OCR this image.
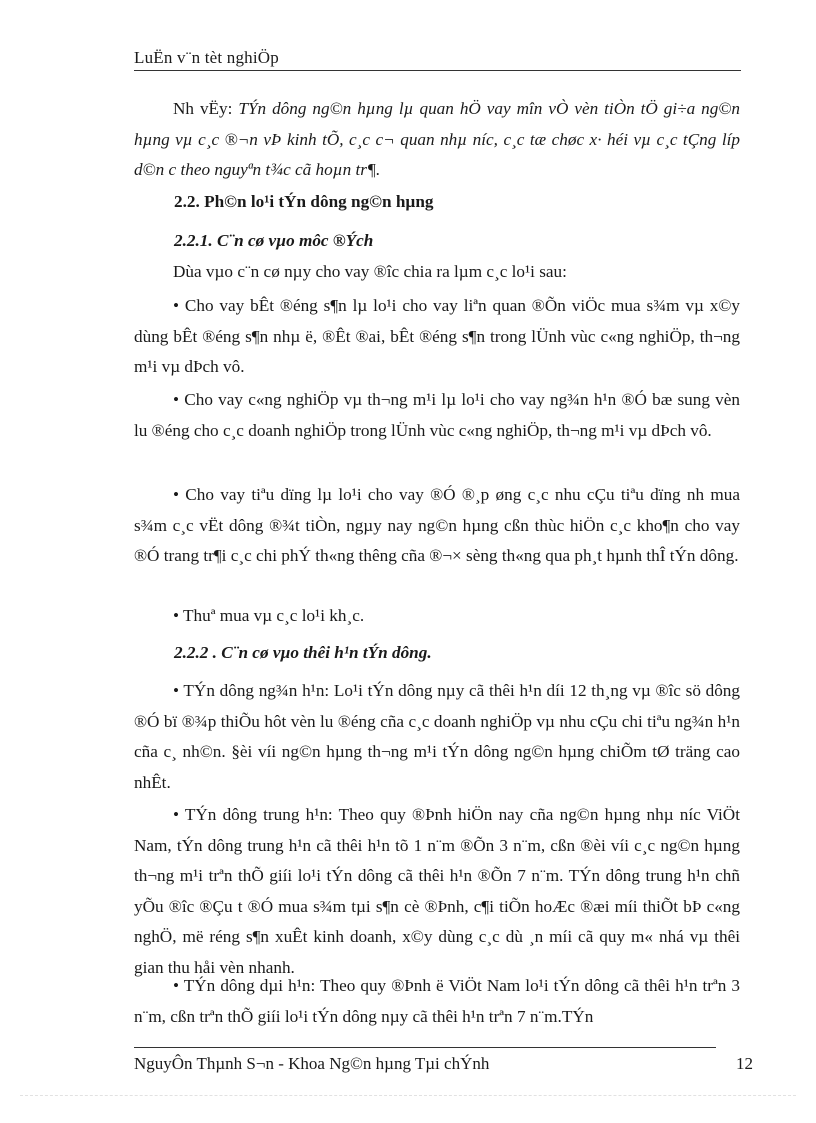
LuËn v¨n tèt nghiÖp

Nh vËy: TÝn dông ng©n hµng lµ quan hÖ vay mîn vÒ vèn tiÒn tÖ gi÷a ng©n hµng vµ c¸c ®¬n vÞ kinh tÕ, c¸c c¬ quan nhµ níc, c¸c tæ chøc x· héi vµ c¸c tÇng líp d©n c theo nguyªn t¾c cã hoµn tr¶.

2.2. Ph©n lo¹i tÝn dông ng©n hµng

2.2.1. C¨n cø vµo môc ®Ých

Dùa vµo c¨n cø nµy cho vay ®îc chia ra lµm c¸c lo¹i sau:

• Cho vay bÊt ®éng s¶n lµ lo¹i cho vay liªn quan ®Õn viÖc mua s¾m vµ x©y dùng bÊt ®éng s¶n nhµ ë, ®Êt ®ai, bÊt ®éng s¶n trong lÜnh vùc c«ng nghiÖp, th¬ng m¹i vµ dÞch vô.

• Cho vay c«ng nghiÖp vµ th¬ng m¹i lµ lo¹i cho vay ng¾n h¹n ®Ó bæ sung vèn lu ®éng cho c¸c doanh nghiÖp trong lÜnh vùc c«ng nghiÖp, th¬ng m¹i vµ dÞch vô.

• Cho vay tiªu dïng lµ lo¹i cho vay ®Ó ®¸p øng c¸c nhu cÇu tiªu dïng nh mua s¾m c¸c vËt dông ®¾t tiÒn, ngµy nay ng©n hµng cßn thùc hiÖn c¸c kho¶n cho vay ®Ó trang tr¶i c¸c chi phÝ th«ng thêng cña ®¬× sèng th«ng qua ph¸t hµnh thÎ tÝn dông.

• Thuª mua vµ c¸c lo¹i kh¸c.

2.2.2 . C¨n cø vµo thêi h¹n tÝn dông.

• TÝn dông ng¾n h¹n: Lo¹i tÝn dông nµy cã thêi h¹n díi 12 th¸ng vµ ®îc sö dông ®Ó bï ®¾p thiÕu hôt vèn lu ®éng cña c¸c doanh nghiÖp vµ nhu cÇu chi tiªu ng¾n h¹n cña c¸ nh©n. §èi víi ng©n hµng th¬ng m¹i tÝn dông ng©n hµng chiÕm tØ träng cao nhÊt.

• TÝn dông trung h¹n: Theo quy ®Þnh hiÖn nay cña ng©n hµng nhµ níc ViÖt Nam, tÝn dông trung h¹n cã thêi h¹n tõ 1 n¨m ®Õn 3 n¨m, cßn ®èi víi c¸c ng©n hµng th¬ng m¹i trªn thÕ giíi lo¹i tÝn dông cã thêi h¹n ®Õn 7 n¨m. TÝn dông trung h¹n chñ yÕu ®îc ®Çu t ®Ó mua s¾m tµi s¶n cè ®Þnh, c¶i tiÕn hoÆc ®æi míi thiÕt bÞ c«ng nghÖ, më réng s¶n xuÊt kinh doanh, x©y dùng c¸c dù ¸n míi cã quy m« nhá vµ thêi gian thu håi vèn nhanh.

• TÝn dông dµi h¹n: Theo quy ®Þnh ë ViÖt Nam lo¹i tÝn dông cã thêi h¹n trªn 3 n¨m, cßn trªn thÕ giíi lo¹i tÝn dông nµy cã thêi h¹n trªn 7 n¨m.TÝn

NguyÔn Thµnh S¬n - Khoa Ng©n hµng Tµi chÝnh	12
